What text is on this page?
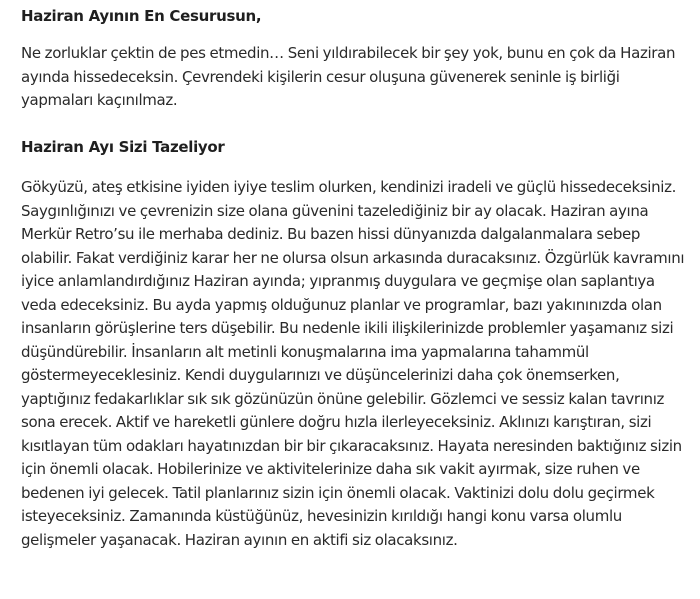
Haziran Ayının En Cesurusun,

Ne zorluklar çektin de pes etmedin… Seni yıldırabilecek bir şey yok, bunu en çok da Haziran ayında hissedeceksin. Çevrendeki kişilerin cesur oluşuna güvenerek seninle iş birliği yapmaları kaçınılmaz.

Haziran Ayı Sizi Tazeliyor

Gökyüzü, ateş etkisine iyiden iyiye teslim olurken, kendinizi iradeli ve güçlü hissedeceksiniz. Saygınlığınızı ve çevrenizin size olana güvenini tazelediğiniz bir ay olacak. Haziran ayına Merkür Retro’su ile merhaba dediniz. Bu bazen hissi dünyanızda dalgalanmalara sebep olabilir. Fakat verdiğiniz karar her ne olursa olsun arkasında duracaksınız. Özgürlük kavramını iyice anlamlandırdığınız Haziran ayında; yıpranmış duygulara ve geçmişe olan saplantıya veda edeceksiniz. Bu ayda yapmış olduğunuz planlar ve programlar, bazı yakınınızda olan insanların görüşlerine ters düşebilir. Bu nedenle ikili ilişkilerinizde problemler yaşamanız sizi düşündürebilir. İnsanların alt metinli konuşmalarına ima yapmalarına tahammül göstermeyeceklesiniz. Kendi duygularınızı ve düşüncelerinizi daha çok önemserken, yaptığınız fedakarlıklar sık sık gözünüzün önüne gelebilir. Gözlemci ve sessiz kalan tavrınız sona erecek. Aktif ve hareketli günlere doğru hızla ilerleyeceksiniz. Aklınızı karıştıran, sizi kısıtlayan tüm odakları hayatınızdan bir bir çıkaracaksınız. Hayata neresinden baktığınız sizin için önemli olacak. Hobilerinize ve aktivitelerinize daha sık vakit ayırmak, size ruhen ve bedenen iyi gelecek. Tatil planlarınız sizin için önemli olacak. Vaktinizi dolu dolu geçirmek isteyeceksiniz. Zamanında küstüğünüz, hevesinizin kırıldığı hangi konu varsa olumlu gelişmeler yaşanacak. Haziran ayının en aktifi siz olacaksınız.
